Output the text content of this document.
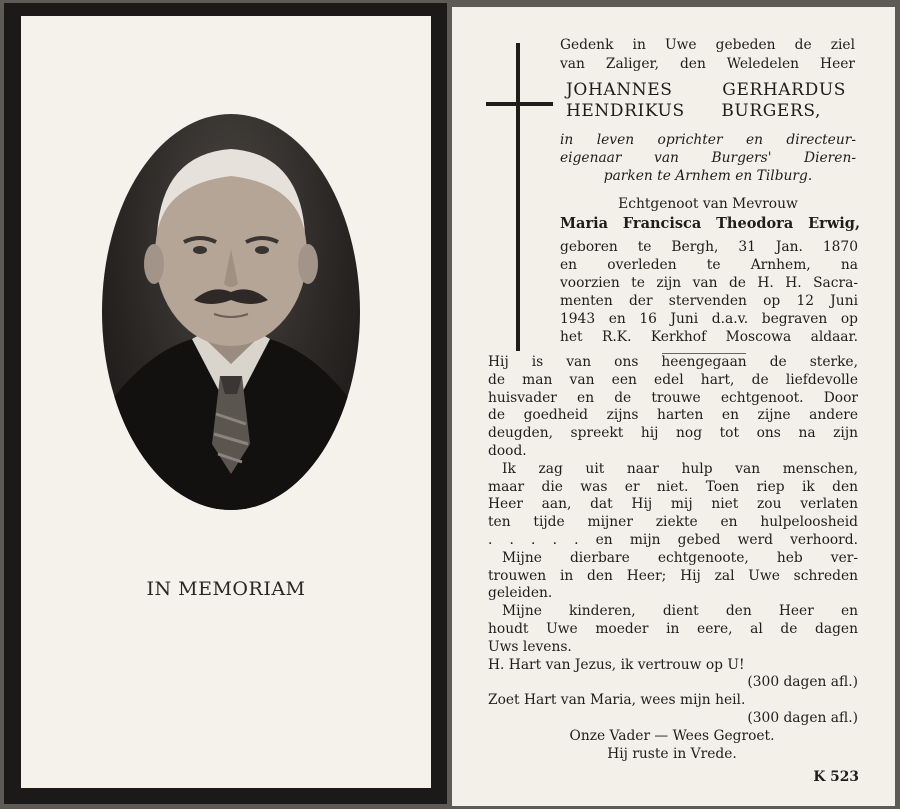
IN MEMORIAM
Gedenk in Uwe gebeden de ziel
van Zaliger, den Weledelen Heer
JOHANNES GERHARDUS
HENDRIKUS BURGERS,
in leven oprichter en directeur-
eigenaar van Burgers' Dieren-
parken te Arnhem en Tilburg.
Echtgenoot van Mevrouw
Maria Francisca Theodora Erwig,
geboren te Bergh, 31 Jan. 1870
en overleden te Arnhem, na
voorzien te zijn van de H. H. Sacra-
menten der stervenden op 12 Juni
1943 en 16 Juni d.a.v. begraven op
het R.K. Kerkhof Moscowa aldaar.
Hij is van ons heengegaan de sterke,
de man van een edel hart, de liefdevolle
huisvader en de trouwe echtgenoot. Door
de goedheid zijns harten en zijne andere
deugden, spreekt hij nog tot ons na zijn
dood.
Ik zag uit naar hulp van menschen,
maar die was er niet. Toen riep ik den
Heer aan, dat Hij mij niet zou verlaten
ten tijde mijner ziekte en hulpeloosheid
. . . . . en mijn gebed werd verhoord.
Mijne dierbare echtgenoote, heb ver-
trouwen in den Heer; Hij zal Uwe schreden
geleiden.
Mijne kinderen, dient den Heer en
houdt Uwe moeder in eere, al de dagen
Uws levens.
H. Hart van Jezus, ik vertrouw op U!
(300 dagen afl.)
Zoet Hart van Maria, wees mijn heil.
(300 dagen afl.)
Onze Vader — Wees Gegroet.
Hij ruste in Vrede.
K 523
